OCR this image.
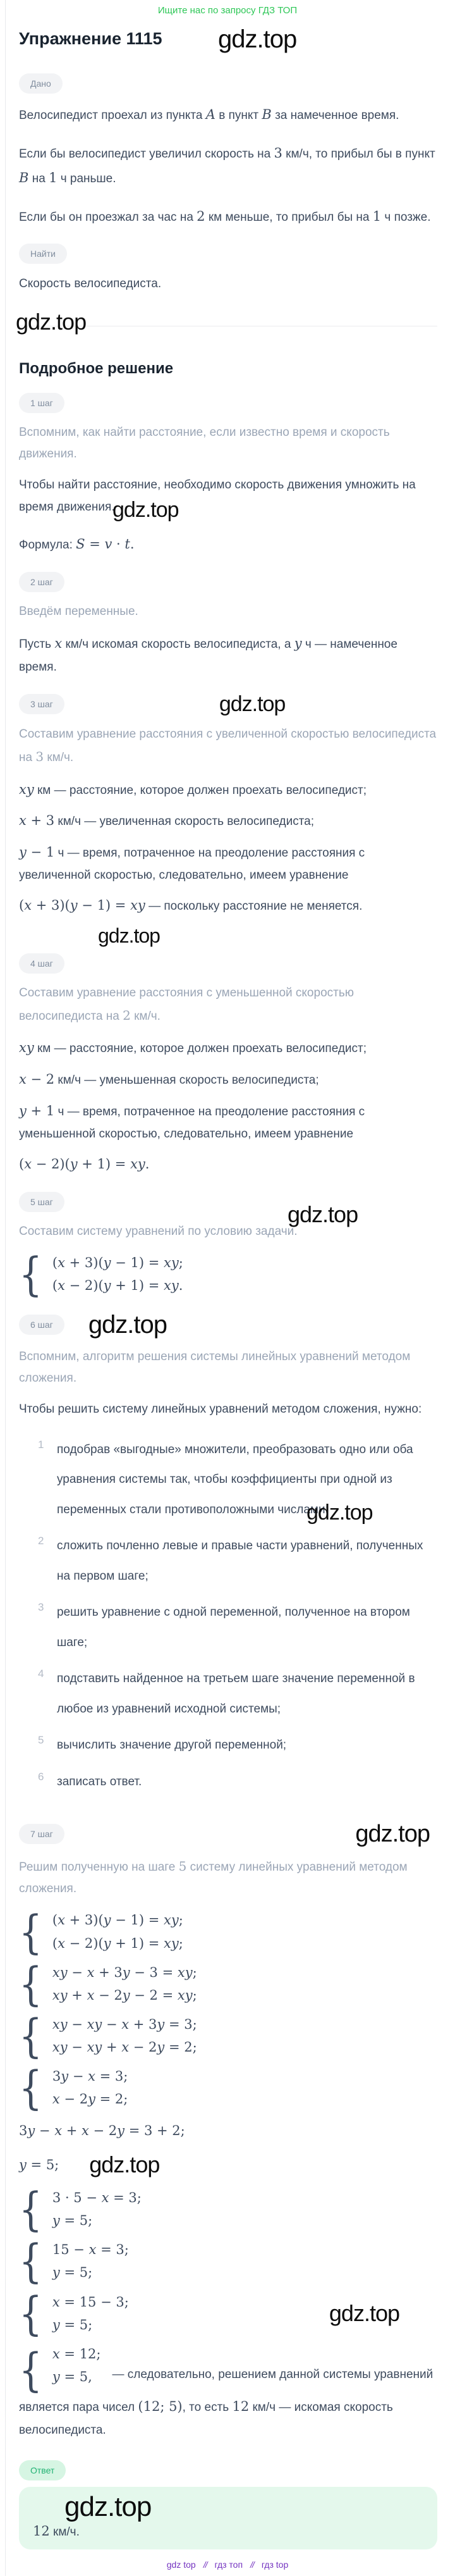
Ищите нас по запросу ГДЗ ТОП
Упражнение 1115 gdz.top
Дано

Велосипедист проехал из пункта A в пункт B за намеченное время.

Если бы велосипедист увеличил скорость на 3 км/ч, то прибыл бы в пункт B на 1 ч раньше.

Если бы он проезжал за час на 2 км меньше, то прибыл бы на 1 ч позже.

Найти

Скорость велосипедиста.

gdz.top
Подробное решение
1 шаг

Вспомним, как найти расстояние, если известно время и скорость движения.

Чтобы найти расстояние, необходимо скорость движения умножить на время движения.

gdz.top

Формула: S = v · t.

2 шаг

Введём переменные.

Пусть x км/ч искомая скорость велосипедиста, а y ч — намеченное время.

3 шаг	gdz.top

Составим уравнение расстояния с увеличенной скоростью велосипедиста на 3 км/ч.

xy км — расстояние, которое должен проехать велосипедист;

x + 3 км/ч — увеличенная скорость велосипедиста;

y − 1 ч — время, потраченное на преодоление расстояния с увеличенной скоростью, следовательно, имеем уравнение

(x + 3)(y − 1) = xy — поскольку расстояние не меняется.

gdz.top
4 шаг

Составим уравнение расстояния с уменьшенной скоростью велосипедиста на 2 км/ч.

xy км — расстояние, которое должен проехать велосипедист;

x − 2 км/ч — уменьшенная скорость велосипедиста;

y + 1 ч — время, потраченное на преодоление расстояния с уменьшенной скоростью, следовательно, имеем уравнение

(x − 2)(y + 1) = xy.

gdz.top
5 шаг

Составим систему уравнений по условию задачи.

{ (x + 3)(y − 1) = xy;
(x − 2)(y + 1) = xy.
6 шаг	gdz.top

Вспомним, алгоритм решения системы линейных уравнений методом сложения.

Чтобы решить систему линейных уравнений методом сложения, нужно:

gdz.top
1	подобрав «выгодные» множители, преобразовать одно или оба уравнения системы так, чтобы коэффициенты при одной из переменных стали противоположными числами;
2	сложить почленно левые и правые части уравнений, полученных на первом шаге;
3	решить уравнение с одной переменной, полученное на втором шаге;
4	подставить найденное на третьем шаге значение переменной в любое из уравнений исходной системы;
5	вычислить значение другой переменной;
6	записать ответ.
7 шаг	gdz.top

Решим полученную на шаге 5 систему линейных уравнений методом сложения.

{ (x + 3)(y − 1) = xy;
(x − 2)(y + 1) = xy;
{ xy − x + 3y − 3 = xy;
xy + x − 2y − 2 = xy;
{ xy − xy − x + 3y = 3;
xy − xy + x − 2y = 2;
{ 3y − x = 3;
x − 2y = 2;

3y − x + x − 2y = 3 + 2;

y = 5; gdz.top
{ 3 · 5 − x = 3;
y = 5;
{ 15 − x = 3;
y = 5;
{ x = 15 − 3;
y = 5;	gdz.top
{ x = 12;
y = 5,	— следовательно, решением данной системы уравнений

является пара чисел (12; 5), то есть 12 км/ч — искомая скорость велосипедиста.

Ответ
gdz.top
12 км/ч.
gdz top // гдз топ // гдз top
